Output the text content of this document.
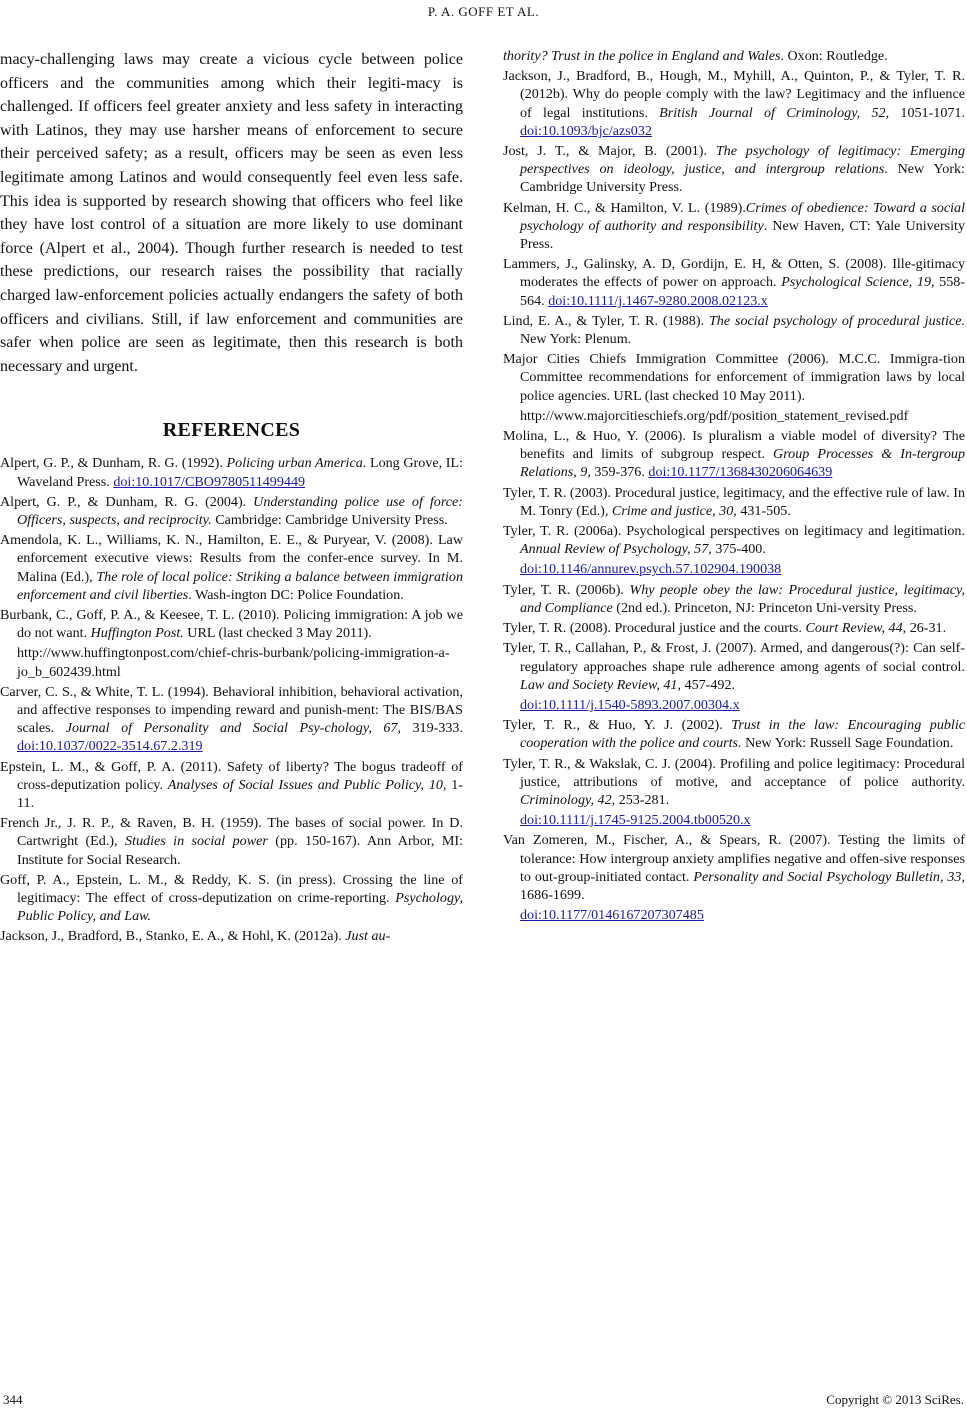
P. A. GOFF ET AL.

macy-challenging laws may create a vicious cycle between police officers and the communities among which their legiti-macy is challenged. If officers feel greater anxiety and less safety in interacting with Latinos, they may use harsher means of enforcement to secure their perceived safety; as a result, officers may be seen as even less legitimate among Latinos and would consequently feel even less safe. This idea is supported by research showing that officers who feel like they have lost control of a situation are more likely to use dominant force (Alpert et al., 2004). Though further research is needed to test these predictions, our research raises the possibility that racially charged law-enforcement policies actually endangers the safety of both officers and civilians. Still, if law enforcement and communities are safer when police are seen as legitimate, then this research is both necessary and urgent.

REFERENCES
Alpert, G. P., & Dunham, R. G. (1992). Policing urban America. Long Grove, IL: Waveland Press. doi:10.1017/CBO9780511499449
Alpert, G. P., & Dunham, R. G. (2004). Understanding police use of force: Officers, suspects, and reciprocity. Cambridge: Cambridge University Press.
Amendola, K. L., Williams, K. N., Hamilton, E. E., & Puryear, V. (2008). Law enforcement executive views: Results from the confer-ence survey. In M. Malina (Ed.), The role of local police: Striking a balance between immigration enforcement and civil liberties. Wash-ington DC: Police Foundation.
Burbank, C., Goff, P. A., & Keesee, T. L. (2010). Policing immigration: A job we do not want. Huffington Post. URL (last checked 3 May 2011).
http://www.huffingtonpost.com/chief-chris-burbank/policing-immigration-a-jo_b_602439.html
Carver, C. S., & White, T. L. (1994). Behavioral inhibition, behavioral activation, and affective responses to impending reward and punish-ment: The BIS/BAS scales. Journal of Personality and Social Psy-chology, 67, 319-333. doi:10.1037/0022-3514.67.2.319
Epstein, L. M., & Goff, P. A. (2011). Safety of liberty? The bogus tradeoff of cross-deputization policy. Analyses of Social Issues and Public Policy, 10, 1-11.
French Jr., J. R. P., & Raven, B. H. (1959). The bases of social power. In D. Cartwright (Ed.), Studies in social power (pp. 150-167). Ann Arbor, MI: Institute for Social Research.
Goff, P. A., Epstein, L. M., & Reddy, K. S. (in press). Crossing the line of legitimacy: The effect of cross-deputization on crime-reporting. Psychology, Public Policy, and Law.
Jackson, J., Bradford, B., Stanko, E. A., & Hohl, K. (2012a). Just au-
thority? Trust in the police in England and Wales. Oxon: Routledge.
Jackson, J., Bradford, B., Hough, M., Myhill, A., Quinton, P., & Tyler, T. R. (2012b). Why do people comply with the law? Legitimacy and the influence of legal institutions. British Journal of Criminology, 52, 1051-1071. doi:10.1093/bjc/azs032
Jost, J. T., & Major, B. (2001). The psychology of legitimacy: Emerging perspectives on ideology, justice, and intergroup relations. New York: Cambridge University Press.
Kelman, H. C., & Hamilton, V. L. (1989).Crimes of obedience: Toward a social psychology of authority and responsibility. New Haven, CT: Yale University Press.
Lammers, J., Galinsky, A. D, Gordijn, E. H, & Otten, S. (2008). Ille-gitimacy moderates the effects of power on approach. Psychological Science, 19, 558-564. doi:10.1111/j.1467-9280.2008.02123.x
Lind, E. A., & Tyler, T. R. (1988). The social psychology of procedural justice. New York: Plenum.
Major Cities Chiefs Immigration Committee (2006). M.C.C. Immigra-tion Committee recommendations for enforcement of immigration laws by local police agencies. URL (last checked 10 May 2011).
http://www.majorcitieschiefs.org/pdf/position_statement_revised.pdf
Molina, L., & Huo, Y. (2006). Is pluralism a viable model of diversity? The benefits and limits of subgroup respect. Group Processes & In-tergroup Relations, 9, 359-376. doi:10.1177/1368430206064639
Tyler, T. R. (2003). Procedural justice, legitimacy, and the effective rule of law. In M. Tonry (Ed.), Crime and justice, 30, 431-505.
Tyler, T. R. (2006a). Psychological perspectives on legitimacy and legitimation. Annual Review of Psychology, 57, 375-400.
doi:10.1146/annurev.psych.57.102904.190038
Tyler, T. R. (2006b). Why people obey the law: Procedural justice, legitimacy, and Compliance (2nd ed.). Princeton, NJ: Princeton Uni-versity Press.
Tyler, T. R. (2008). Procedural justice and the courts. Court Review, 44, 26-31.
Tyler, T. R., Callahan, P., & Frost, J. (2007). Armed, and dangerous(?): Can self-regulatory approaches shape rule adherence among agents of social control. Law and Society Review, 41, 457-492.
doi:10.1111/j.1540-5893.2007.00304.x
Tyler, T. R., & Huo, Y. J. (2002). Trust in the law: Encouraging public cooperation with the police and courts. New York: Russell Sage Foundation.
Tyler, T. R., & Wakslak, C. J. (2004). Profiling and police legitimacy: Procedural justice, attributions of motive, and acceptance of police authority. Criminology, 42, 253-281.
doi:10.1111/j.1745-9125.2004.tb00520.x
Van Zomeren, M., Fischer, A., & Spears, R. (2007). Testing the limits of tolerance: How intergroup anxiety amplifies negative and offen-sive responses to out-group-initiated contact. Personality and Social Psychology Bulletin, 33, 1686-1699.
doi:10.1177/0146167207307485
344	Copyright © 2013 SciRes.
